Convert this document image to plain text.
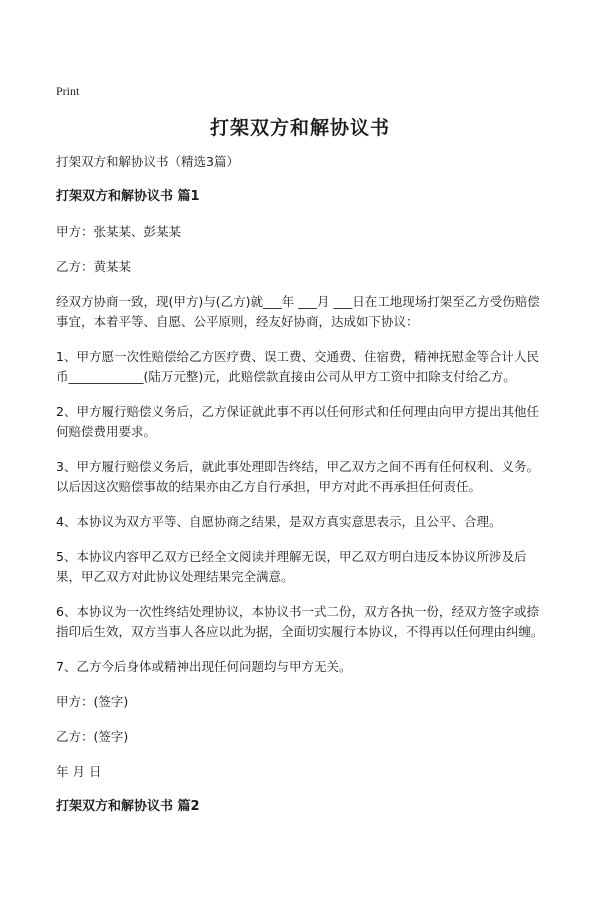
Print
打架双方和解协议书

打架双方和解协议书（精选3篇）

打架双方和解协议书 篇1

甲方：张某某、彭某某

乙方：黄某某

经双方协商一致，现(甲方)与(乙方)就___年 ___月 ___日在工地现场打架至乙方受伤赔偿事宜，本着平等、自愿、公平原则，经友好协商，达成如下协议：

1、甲方愿一次性赔偿给乙方医疗费、误工费、交通费、住宿费，精神抚慰金等合计人民币____________(陆万元整)元，此赔偿款直接由公司从甲方工资中扣除支付给乙方。

2、甲方履行赔偿义务后，乙方保证就此事不再以任何形式和任何理由向甲方提出其他任何赔偿费用要求。

3、甲方履行赔偿义务后，就此事处理即告终结，甲乙双方之间不再有任何权利、义务。以后因这次赔偿事故的结果亦由乙方自行承担，甲方对此不再承担任何责任。

4、本协议为双方平等、自愿协商之结果，是双方真实意思表示，且公平、合理。

5、本协议内容甲乙双方已经全文阅读并理解无误，甲乙双方明白违反本协议所涉及后果，甲乙双方对此协议处理结果完全满意。

6、本协议为一次性终结处理协议，本协议书一式二份，双方各执一份，经双方签字或捺指印后生效，双方当事人各应以此为据，全面切实履行本协议，不得再以任何理由纠缠。

7、乙方今后身体或精神出现任何问题均与甲方无关。

甲方：(签字)

乙方：(签字)

年 月 日

打架双方和解协议书 篇2
